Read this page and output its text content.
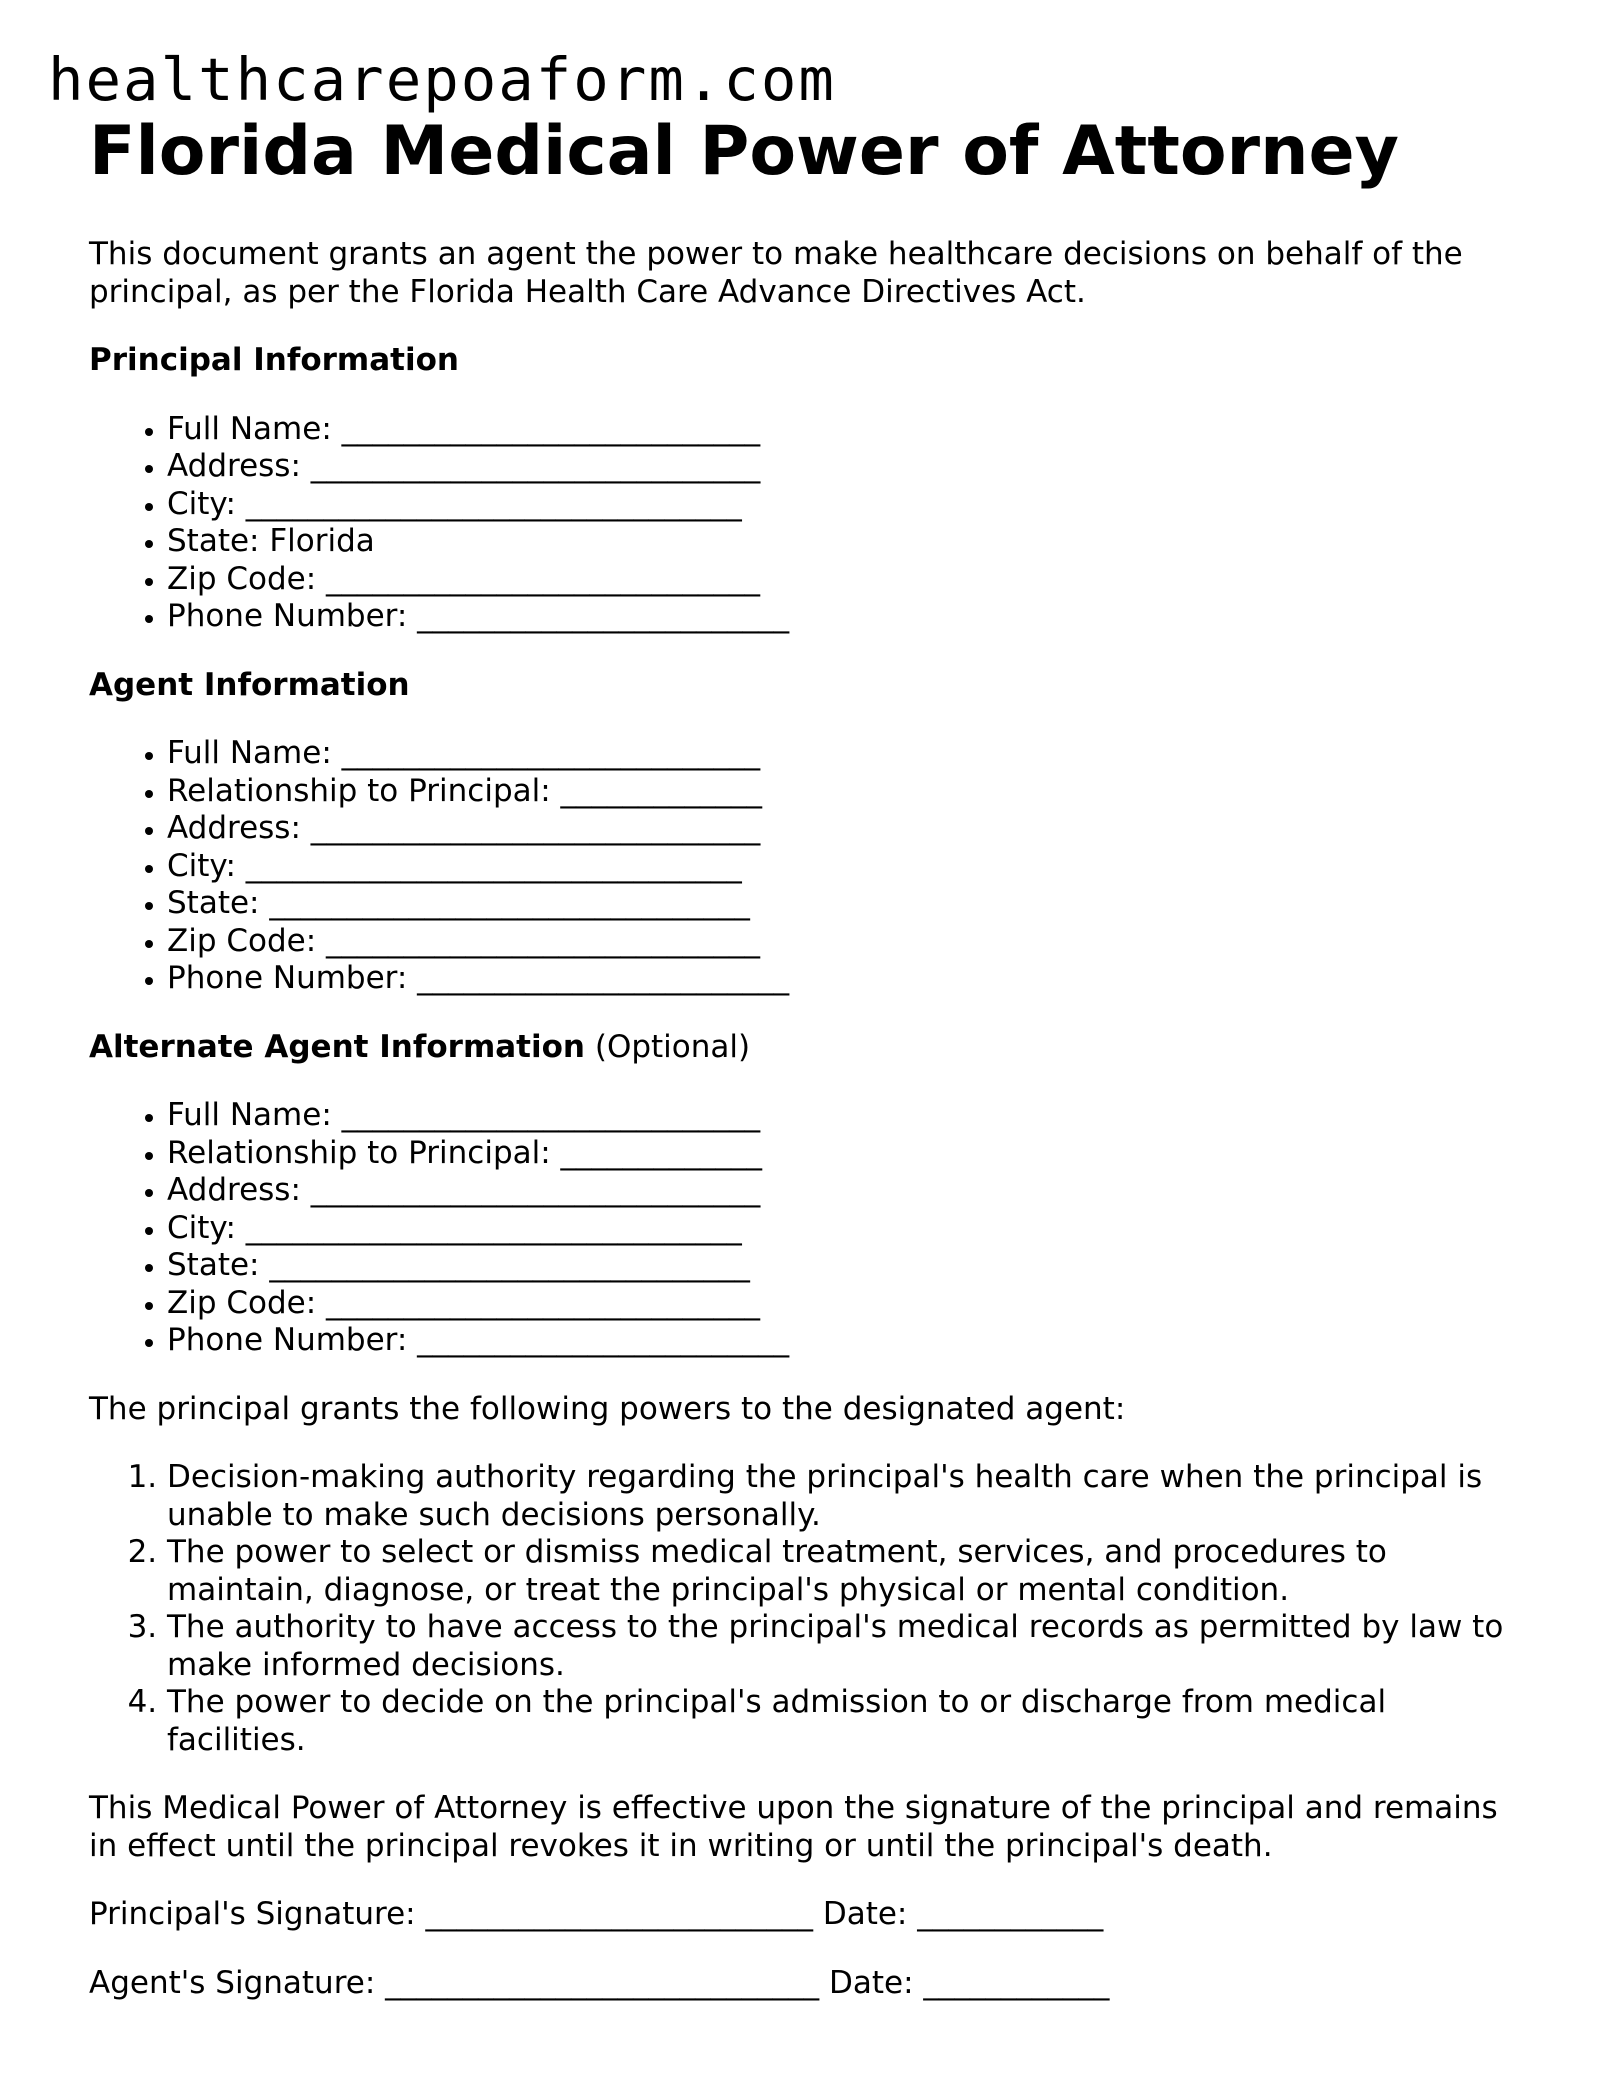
healthcarepoaform.com
Florida Medical Power of Attorney

This document grants an agent the power to make healthcare decisions on behalf of the principal, as per the Florida Health Care Advance Directives Act.

Principal Information
• Full Name: ___________________________
• Address: _____________________________
• City: ________________________________
• State: Florida
• Zip Code: ____________________________
• Phone Number: ________________________
Agent Information
• Full Name: ___________________________
• Relationship to Principal: _____________
• Address: _____________________________
• City: ________________________________
• State: _______________________________
• Zip Code: ____________________________
• Phone Number: ________________________
Alternate Agent Information (Optional)
• Full Name: ___________________________
• Relationship to Principal: _____________
• Address: _____________________________
• City: ________________________________
• State: _______________________________
• Zip Code: ____________________________
• Phone Number: ________________________

The principal grants the following powers to the designated agent:

1. Decision-making authority regarding the principal's health care when the principal is unable to make such decisions personally.
2. The power to select or dismiss medical treatment, services, and procedures to maintain, diagnose, or treat the principal's physical or mental condition.
3. The authority to have access to the principal's medical records as permitted by law to make informed decisions.
4. The power to decide on the principal's admission to or discharge from medical facilities.

This Medical Power of Attorney is effective upon the signature of the principal and remains in effect until the principal revokes it in writing or until the principal's death.

Principal's Signature: _________________________ Date: ____________
Agent's Signature: ____________________________ Date: ____________
